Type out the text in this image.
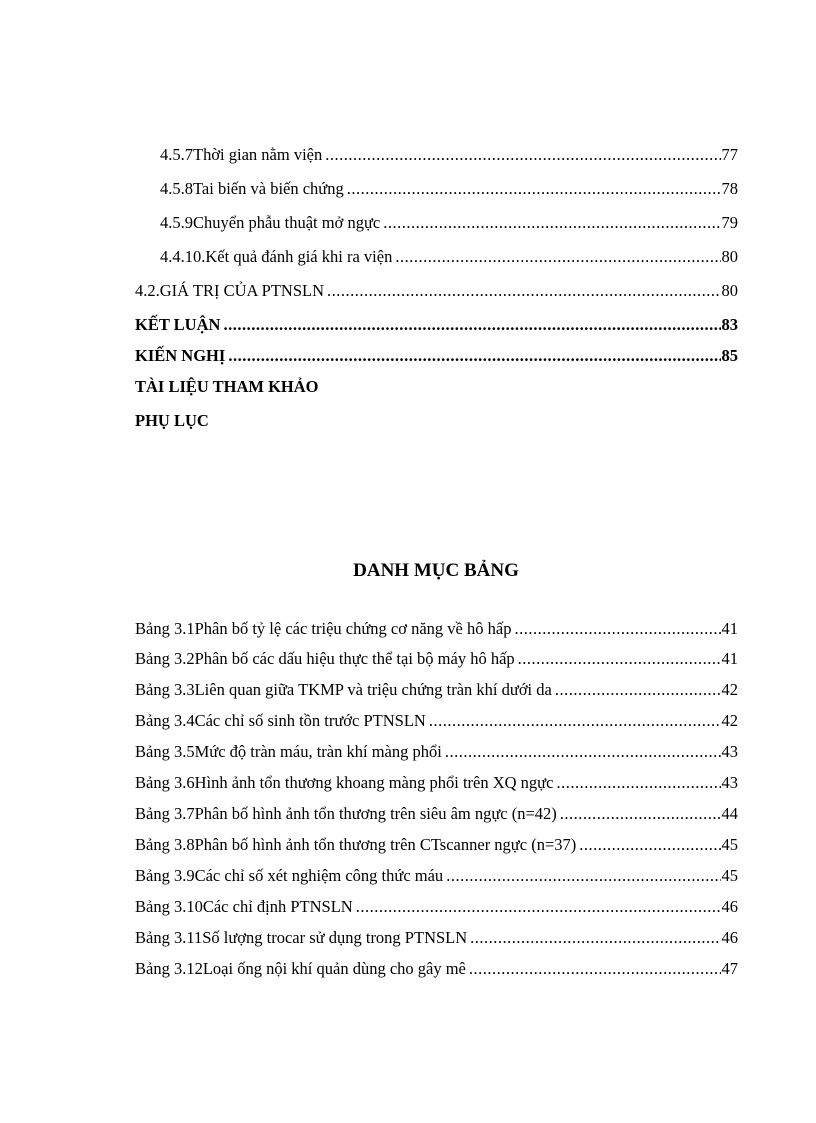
4.5.7 Thời gian nằm viện .....	77
4.5.8 Tai biến và biến chứng .....	78
4.5.9 Chuyển phẫu thuật mở ngực .....	79
4.4.10. Kết quả đánh giá khi ra viện .....	80
4.2. GIÁ TRỊ CỦA PTNSLN .....	80
KẾT LUẬN .....	83
KIẾN NGHỊ .....	85
TÀI LIỆU THAM KHẢO
PHỤ LỤC
DANH MỤC BẢNG
Bảng 3.1 Phân bố tỷ lệ các triệu chứng cơ năng về hô hấp .....	41
Bảng 3.2 Phân bố các dấu hiệu thực thể tại bộ máy hô hấp .....	41
Bảng 3.3 Liên quan giữa TKMP và triệu chứng tràn khí dưới da .....	42
Bảng 3.4 Các chỉ số sinh tồn trước PTNSLN .....	42
Bảng 3.5 Mức độ tràn máu, tràn khí màng phổi .....	43
Bảng 3.6 Hình ảnh tổn thương khoang màng phổi trên XQ ngực .....	43
Bảng 3.7 Phân bố hình ảnh tổn thương trên siêu âm ngực (n=42) .....	44
Bảng 3.8 Phân bố hình ảnh tổn thương trên CTscanner ngực (n=37) .....	45
Bảng 3.9 Các chỉ số xét nghiệm công thức máu .....	45
Bảng 3.10 Các chỉ định PTNSLN .....	46
Bảng 3.11 Số lượng trocar sử dụng trong PTNSLN .....	46
Bảng 3.12 Loại ống nội khí quản dùng cho gây mê .....	47
